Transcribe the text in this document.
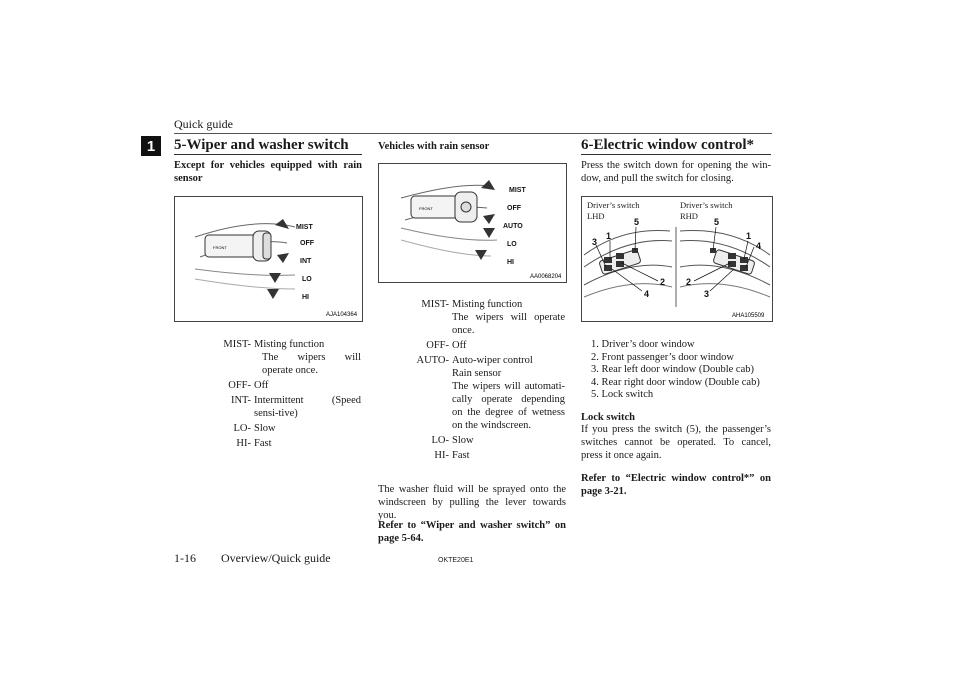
Quick guide
1	5-Wiper and washer switch
Except for vehicles equipped with rain sensor
FRONT
MIST
OFF
INT
LO
HI
AJA104364
MIST- Misting function
The wipers will operate once.
OFF- Off
INT- Intermittent (Speed sensi-tive)
LO- Slow
HI- Fast
Vehicles with rain sensor
FRONT
MIST
OFF
AUTO
LO
HI
AA0068204
MIST- Misting function
The wipers will operate once.
OFF- Off
AUTO- Auto-wiper control
Rain sensor
The wipers will automati-cally operate depending on the degree of wetness on the windscreen.
LO- Slow
HI- Fast
The washer fluid will be sprayed onto the windscreen by pulling the lever towards you.
Refer to “Wiper and washer switch” on page 5-64.
6-Electric window control*
Press the switch down for opening the win-dow, and pull the switch for closing.
Driver’s switch
LHD
Driver’s switch
RHD
1
5
3
2
4
5
1
4
2
3
AHA105509
1. Driver’s door window
2. Front passenger’s door window
3. Rear left door window (Double cab)
4. Rear right door window (Double cab)
5. Lock switch
Lock switch
If you press the switch (5), the passenger’s switches cannot be operated. To cancel, press it once again.
Refer to “Electric window control*” on page 3-21.
1-16 Overview/Quick guide	OKTE20E1
